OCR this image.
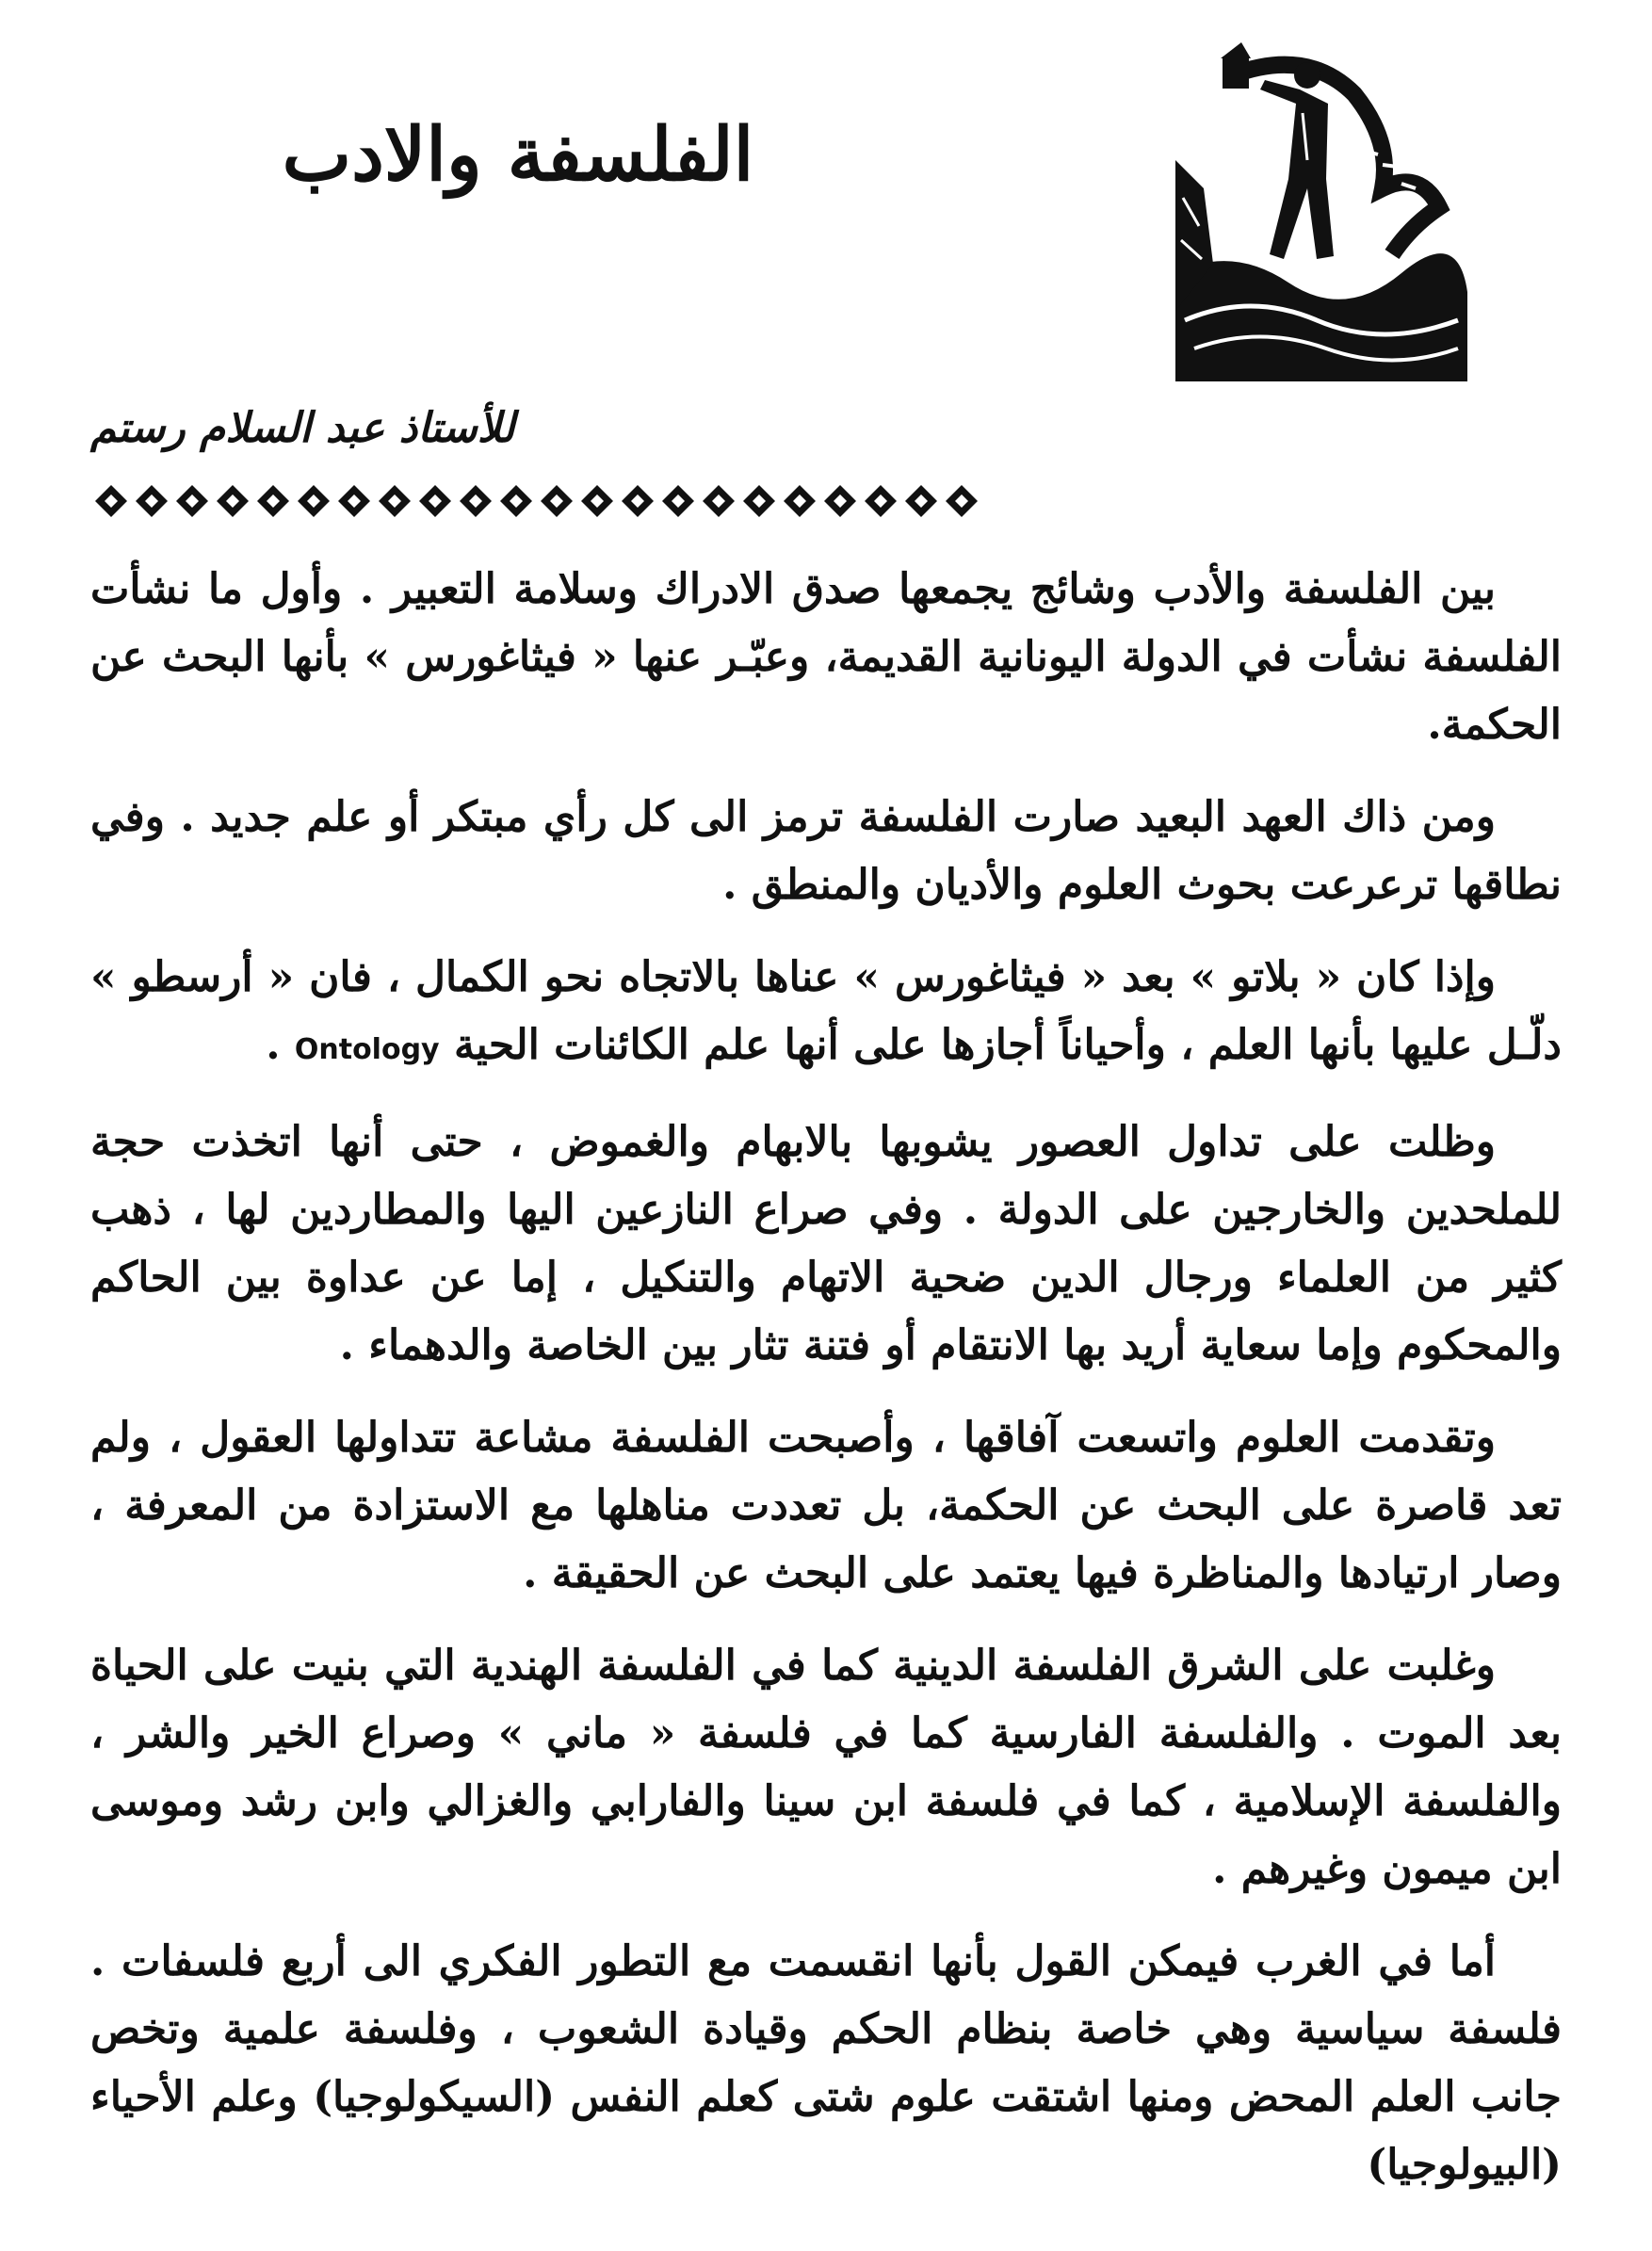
الفلسفة والادب
للأستاذ عبد السلام رستم

بين الفلسفة والأدب وشائج يجمعها صدق الادراك وسلامة التعبير . وأول ما نشأت الفلسفة نشأت في الدولة اليونانية القديمة، وعبّـر عنها « فيثاغورس » بأنها البحث عن الحكمة.

ومن ذاك العهد البعيد صارت الفلسفة ترمز الى كل رأي مبتكر أو علم جديد . وفي نطاقها ترعرعت بحوث العلوم والأديان والمنطق .

وإذا كان « بلاتو » بعد « فيثاغورس » عناها بالاتجاه نحو الكمال ، فان « أرسطو » دلّـل عليها بأنها العلم ، وأحياناً أجازها على أنها علم الكائنات الحية Ontology .

وظلت على تداول العصور يشوبها بالابهام والغموض ، حتى أنها اتخذت حجة للملحدين والخارجين على الدولة . وفي صراع النازعين اليها والمطاردين لها ، ذهب كثير من العلماء ورجال الدين ضحية الاتهام والتنكيل ، إما عن عداوة بين الحاكم والمحكوم وإما سعاية أريد بها الانتقام أو فتنة تثار بين الخاصة والدهماء .

وتقدمت العلوم واتسعت آفاقها ، وأصبحت الفلسفة مشاعة تتداولها العقول ، ولم تعد قاصرة على البحث عن الحكمة، بل تعددت مناهلها مع الاستزادة من المعرفة ، وصار ارتيادها والمناظرة فيها يعتمد على البحث عن الحقيقة .

وغلبت على الشرق الفلسفة الدينية كما في الفلسفة الهندية التي بنيت على الحياة بعد الموت . والفلسفة الفارسية كما في فلسفة « ماني » وصراع الخير والشر ، والفلسفة الإسلامية ، كما في فلسفة ابن سينا والفارابي والغزالي وابن رشد وموسى ابن ميمون وغيرهم .

أما في الغرب فيمكن القول بأنها انقسمت مع التطور الفكري الى أربع فلسفات . فلسفة سياسية وهي خاصة بنظام الحكم وقيادة الشعوب ، وفلسفة علمية وتخص جانب العلم المحض ومنها اشتقت علوم شتى كعلم النفس (السيكولوجيا) وعلم الأحياء (البيولوجيا)
